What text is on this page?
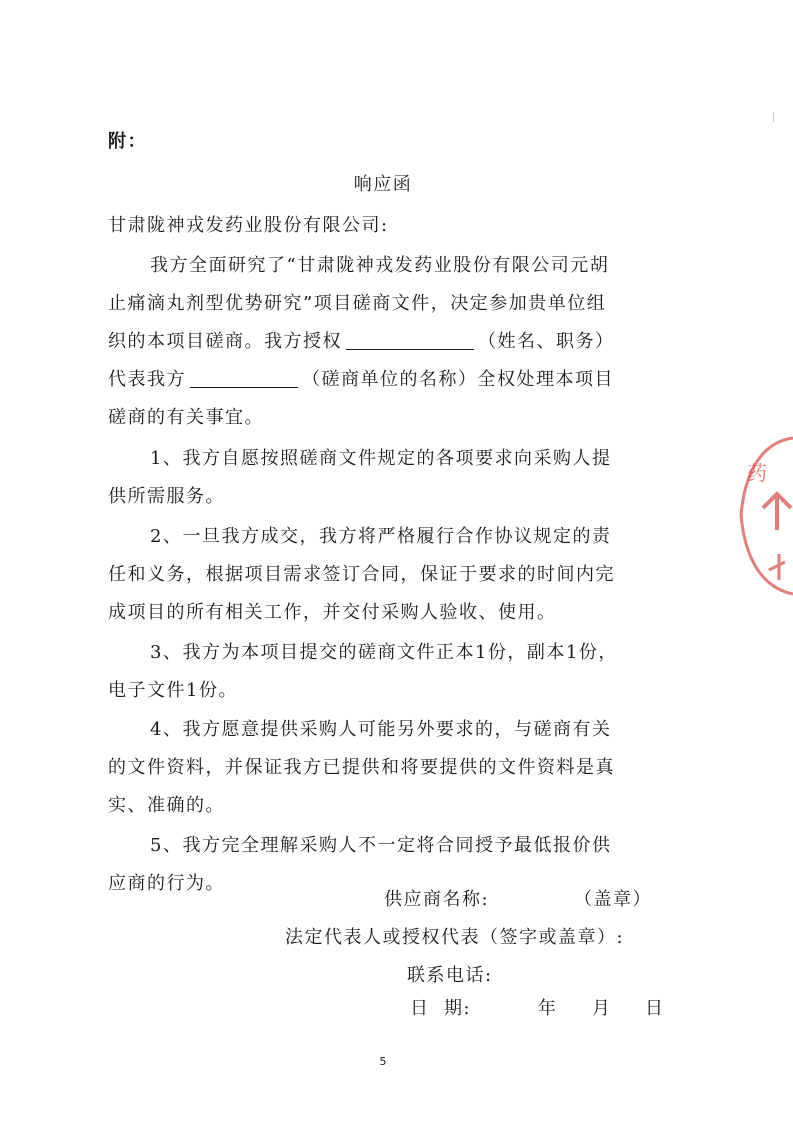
附：
响应函
甘肃陇神戎发药业股份有限公司:
我方全面研究了“甘肃陇神戎发药业股份有限公司元胡
止痛滴丸剂型优势研究”项目磋商文件，决定参加贵单位组
织的本项目磋商。我方授权	（姓名、职务）
代表我方	（磋商单位的名称）全权处理本项目
磋商的有关事宜。
1、我方自愿按照磋商文件规定的各项要求向采购人提
供所需服务。
2、一旦我方成交，我方将严格履行合作协议规定的责
任和义务，根据项目需求签订合同，保证于要求的时间内完
成项目的所有相关工作，并交付采购人验收、使用。
3、我方为本项目提交的磋商文件正本1份，副本1份，
电子文件1份。
4、我方愿意提供采购人可能另外要求的，与磋商有关
的文件资料，并保证我方已提供和将要提供的文件资料是真
实、准确的。
5、我方完全理解采购人不一定将合同授予最低报价供
应商的行为。
供应商名称:	（盖章）
法定代表人或授权代表（签字或盖章）:
联系电话:
日  期:	年 月 日
5
药
